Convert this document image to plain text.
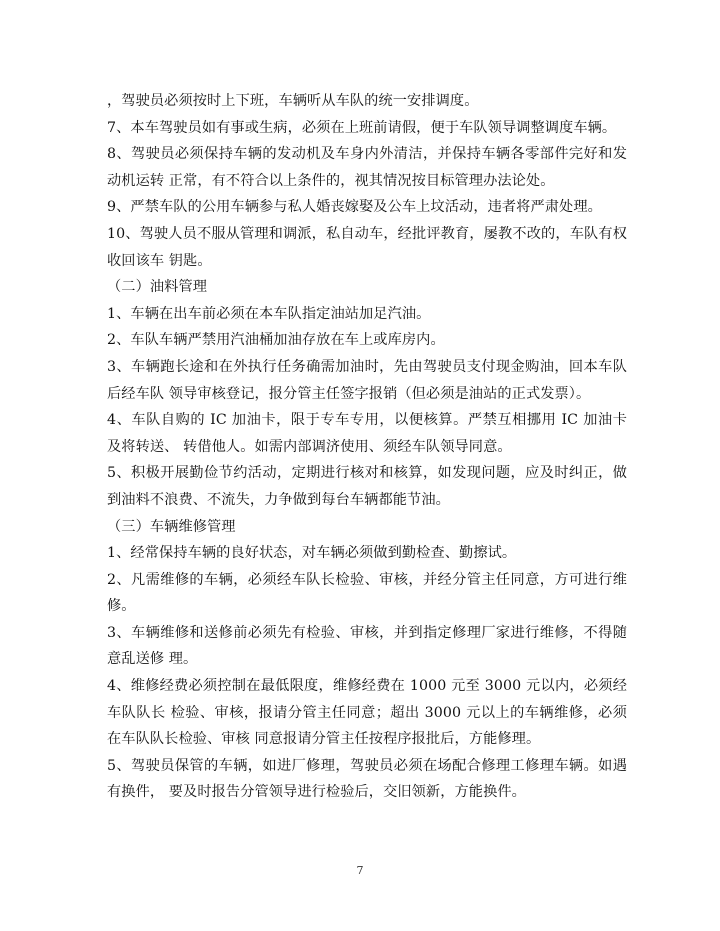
，驾驶员必须按时上下班，车辆听从车队的统一安排调度。
7、本车驾驶员如有事或生病，必须在上班前请假，便于车队领导调整调度车辆。
8、驾驶员必须保持车辆的发动机及车身内外清洁，并保持车辆各零部件完好和发
动机运转 正常，有不符合以上条件的，视其情况按目标管理办法论处。
9、严禁车队的公用车辆参与私人婚丧嫁娶及公车上坟活动，违者将严肃处理。
10、驾驶人员不服从管理和调派，私自动车，经批评教育，屡教不改的，车队有权
收回该车 钥匙。
（二）油料管理
1、车辆在出车前必须在本车队指定油站加足汽油。
2、车队车辆严禁用汽油桶加油存放在车上或库房内。
3、车辆跑长途和在外执行任务确需加油时，先由驾驶员支付现金购油，回本车队
后经车队 领导审核登记，报分管主任签字报销（但必须是油站的正式发票）。
4、车队自购的 IC 加油卡，限于专车专用，以便核算。严禁互相挪用 IC 加油卡
及将转送、 转借他人。如需内部调济使用、须经车队领导同意。
5、积极开展勤俭节约活动，定期进行核对和核算，如发现问题，应及时纠正，做
到油料不浪费、不流失，力争做到每台车辆都能节油。
（三）车辆维修管理
1、经常保持车辆的良好状态，对车辆必须做到勤检查、勤擦试。
2、凡需维修的车辆，必须经车队长检验、审核，并经分管主任同意，方可进行维
修。
3、车辆维修和送修前必须先有检验、审核，并到指定修理厂家进行维修，不得随
意乱送修 理。
4、维修经费必须控制在最低限度，维修经费在 1000 元至 3000 元以内，必须经
车队队长 检验、审核，报请分管主任同意；超出 3000 元以上的车辆维修，必须
在车队队长检验、审核 同意报请分管主任按程序报批后，方能修理。
5、驾驶员保管的车辆，如进厂修理，驾驶员必须在场配合修理工修理车辆。如遇
有换件， 要及时报告分管领导进行检验后，交旧领新，方能换件。
7
